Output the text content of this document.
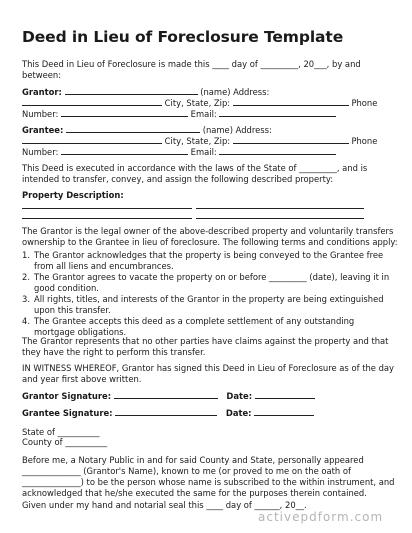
Deed in Lieu of Foreclosure Template
This Deed in Lieu of Foreclosure is made this ____ day of _________, 20___, by and
between:
Grantor:	(name) Address:
City, State, Zip:	Phone
Number:	Email:
Grantee:	(name) Address:
City, State, Zip:	Phone
Number:	Email:
This Deed is executed in accordance with the laws of the State of _________, and is
intended to transfer, convey, and assign the following described property:
Property Description:
The Grantor is the legal owner of the above-described property and voluntarily transfers
ownership to the Grantee in lieu of foreclosure. The following terms and conditions apply:
1. The Grantor acknowledges that the property is being conveyed to the Grantee free
from all liens and encumbrances.
2. The Grantor agrees to vacate the property on or before _________ (date), leaving it in
good condition.
3. All rights, titles, and interests of the Grantor in the property are being extinguished
upon this transfer.
4. The Grantee accepts this deed as a complete settlement of any outstanding
mortgage obligations.
The Grantor represents that no other parties have claims against the property and that
they have the right to perform this transfer.
IN WITNESS WHEREOF, Grantor has signed this Deed in Lieu of Foreclosure as of the day
and year first above written.
Grantor Signature:	Date:
Grantee Signature:	Date:
State of __________
County of __________
Before me, a Notary Public in and for said County and State, personally appeared
______________ (Grantor's Name), known to me (or proved to me on the oath of
______________) to be the person whose name is subscribed to the within instrument, and
acknowledged that he/she executed the same for the purposes therein contained.
Given under my hand and notarial seal this ____ day of ______, 20__.
activepdform.com
